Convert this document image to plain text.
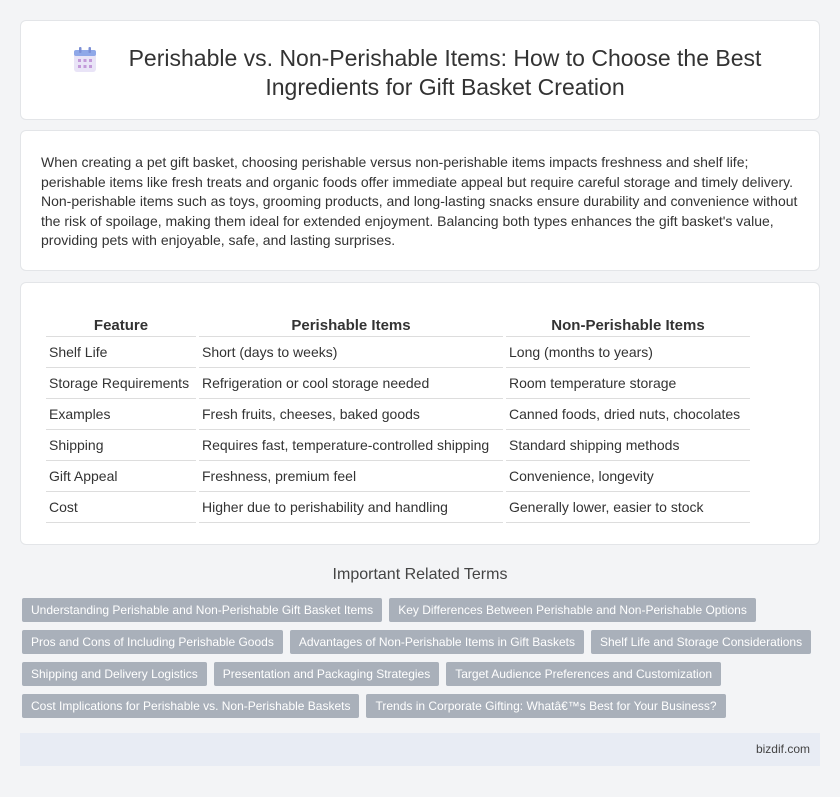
Perishable vs. Non-Perishable Items: How to Choose the Best Ingredients for Gift Basket Creation

When creating a pet gift basket, choosing perishable versus non-perishable items impacts freshness and shelf life; perishable items like fresh treats and organic foods offer immediate appeal but require careful storage and timely delivery. Non-perishable items such as toys, grooming products, and long-lasting snacks ensure durability and convenience without the risk of spoilage, making them ideal for extended enjoyment. Balancing both types enhances the gift basket's value, providing pets with enjoyable, safe, and lasting surprises.

Feature	Perishable Items	Non-Perishable Items
Shelf Life	Short (days to weeks)	Long (months to years)
Storage Requirements	Refrigeration or cool storage needed	Room temperature storage
Examples	Fresh fruits, cheeses, baked goods	Canned foods, dried nuts, chocolates
Shipping	Requires fast, temperature-controlled shipping	Standard shipping methods
Gift Appeal	Freshness, premium feel	Convenience, longevity
Cost	Higher due to perishability and handling	Generally lower, easier to stock
Important Related Terms
Understanding Perishable and Non-Perishable Gift Basket Items	Key Differences Between Perishable and Non-Perishable Options
Pros and Cons of Including Perishable Goods	Advantages of Non-Perishable Items in Gift Baskets	Shelf Life and Storage Considerations
Shipping and Delivery Logistics	Presentation and Packaging Strategies	Target Audience Preferences and Customization
Cost Implications for Perishable vs. Non-Perishable Baskets	Trends in Corporate Gifting: Whatâ€™s Best for Your Business?
bizdif.com
